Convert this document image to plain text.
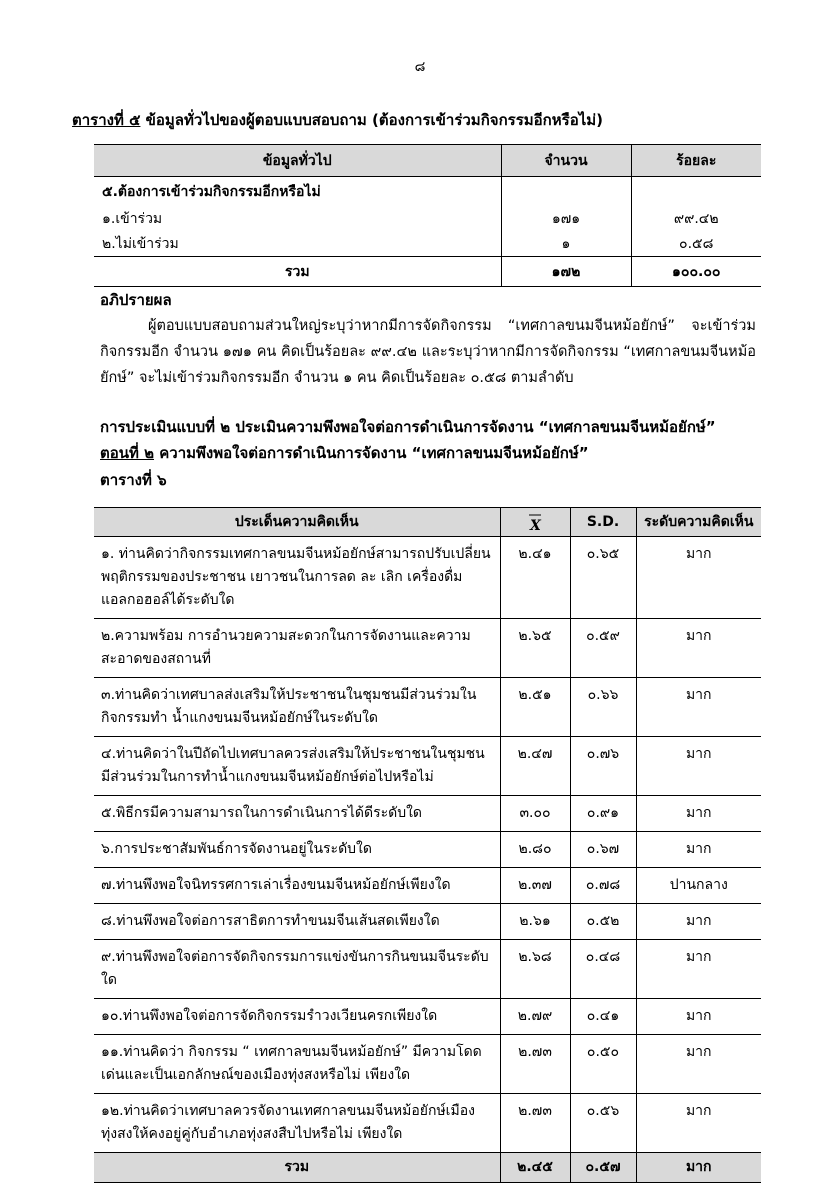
๘
ตารางที่ ๕ ข้อมูลทั่วไปของผู้ตอบแบบสอบถาม (ต้องการเข้าร่วมกิจกรรมอีกหรือไม่)
ข้อมูลทั่วไป	จำนวน	ร้อยละ
๕.ต้องการเข้าร่วมกิจกรรมอีกหรือไม่		
๑.เข้าร่วม	๑๗๑	๙๙.๔๒
๒.ไม่เข้าร่วม	๑	๐.๕๘
รวม	๑๗๒	๑๐๐.๐๐
อภิปรายผล
ผู้ตอบแบบสอบถามส่วนใหญ่ระบุว่าหากมีการจัดกิจกรรม “เทศกาลขนมจีนหม้อยักษ์” จะเข้าร่วมกิจกรรมอีก จำนวน ๑๗๑ คน คิดเป็นร้อยละ ๙๙.๔๒ และระบุว่าหากมีการจัดกิจกรรม “เทศกาลขนมจีนหม้อยักษ์” จะไม่เข้าร่วมกิจกรรมอีก จำนวน ๑ คน คิดเป็นร้อยละ ๐.๕๘ ตามลำดับ
การประเมินแบบที่ ๒ ประเมินความพึงพอใจต่อการดำเนินการจัดงาน “เทศกาลขนมจีนหม้อยักษ์”
ตอนที่ ๒ ความพึงพอใจต่อการดำเนินการจัดงาน “เทศกาลขนมจีนหม้อยักษ์”
ตารางที่ ๖
ประเด็นความคิดเห็น	X	S.D.	ระดับความคิดเห็น
๑. ท่านคิดว่ากิจกรรมเทศกาลขนมจีนหม้อยักษ์สามารถปรับเปลี่ยนพฤติกรรมของประชาชน เยาวชนในการลด ละ เลิก เครื่องดื่มแอลกอฮอล์ได้ระดับใด	๒.๔๑	๐.๖๕	มาก
๒.ความพร้อม การอำนวยความสะดวกในการจัดงานและความสะอาดของสถานที่	๒.๖๕	๐.๕๙	มาก
๓.ท่านคิดว่าเทศบาลส่งเสริมให้ประชาชนในชุมชนมีส่วนร่วมในกิจกรรมทำ น้ำแกงขนมจีนหม้อยักษ์ในระดับใด	๒.๕๑	๐.๖๖	มาก
๔.ท่านคิดว่าในปีถัดไปเทศบาลควรส่งเสริมให้ประชาชนในชุมชนมีส่วนร่วมในการทำน้ำแกงขนมจีนหม้อยักษ์ต่อไปหรือไม่	๒.๔๗	๐.๗๖	มาก
๕.พิธีกรมีความสามารถในการดำเนินการได้ดีระดับใด	๓.๐๐	๐.๙๑	มาก
๖.การประชาสัมพันธ์การจัดงานอยู่ในระดับใด	๒.๘๐	๐.๖๗	มาก
๗.ท่านพึงพอใจนิทรรศการเล่าเรื่องขนมจีนหม้อยักษ์เพียงใด	๒.๓๗	๐.๗๘	ปานกลาง
๘.ท่านพึงพอใจต่อการสาธิตการทำขนมจีนเส้นสดเพียงใด	๒.๖๑	๐.๕๒	มาก
๙.ท่านพึงพอใจต่อการจัดกิจกรรมการแข่งขันการกินขนมจีนระดับใด	๒.๖๘	๐.๔๘	มาก
๑๐.ท่านพึงพอใจต่อการจัดกิจกรรมรำวงเวียนครกเพียงใด	๒.๗๙	๐.๔๑	มาก
๑๑.ท่านคิดว่า กิจกรรม “ เทศกาลขนมจีนหม้อยักษ์” มีความโดดเด่นและเป็นเอกลักษณ์ของเมืองทุ่งสงหรือไม่ เพียงใด	๒.๗๓	๐.๕๐	มาก
๑๒.ท่านคิดว่าเทศบาลควรจัดงานเทศกาลขนมจีนหม้อยักษ์เมืองทุ่งสงให้คงอยู่คู่กับอำเภอทุ่งสงสืบไปหรือไม่ เพียงใด	๒.๗๓	๐.๕๖	มาก
รวม	๒.๔๕	๐.๕๗	มาก
